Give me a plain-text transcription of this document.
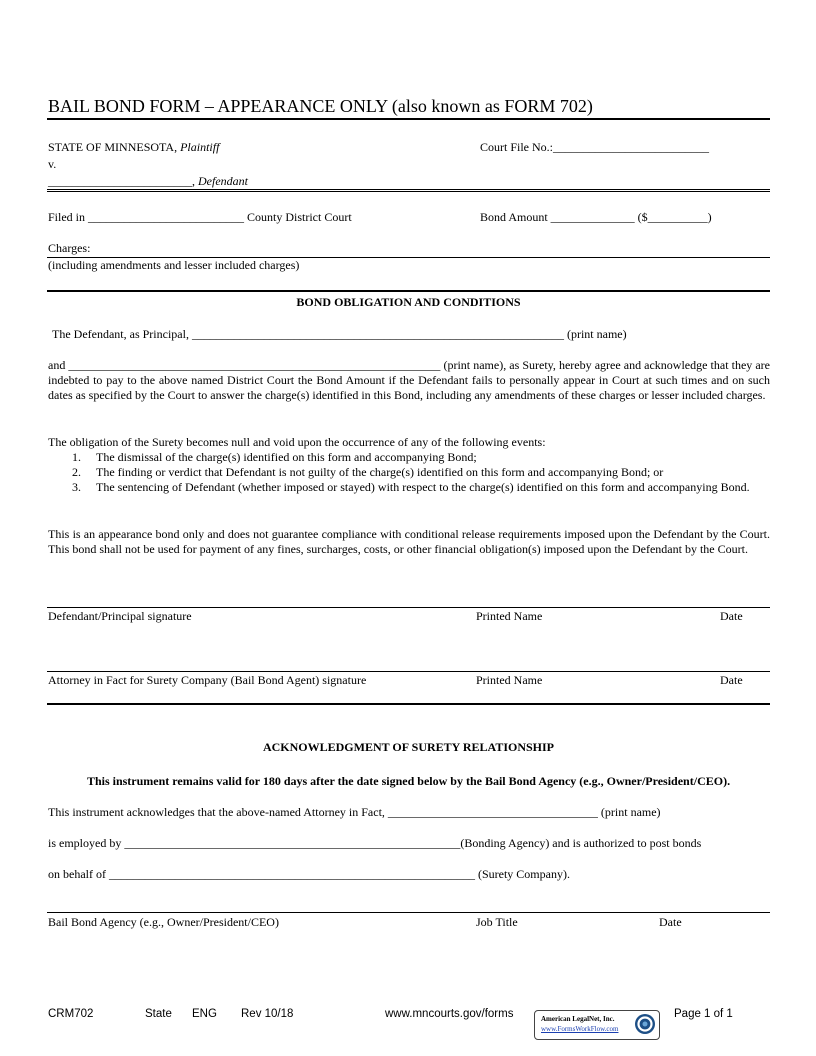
BAIL BOND FORM – APPEARANCE ONLY (also known as FORM 702)
STATE OF MINNESOTA, Plaintiff	Court File No.:__________________________
v.
________________________, Defendant
Filed in __________________________ County District Court	Bond Amount ______________ ($__________)
Charges:
(including amendments and lesser included charges)
BOND OBLIGATION AND CONDITIONS
The Defendant, as Principal, ______________________________________________________________ (print name)
and ______________________________________________________________ (print name), as Surety, hereby agree and acknowledge that they are indebted to pay to the above named District Court the Bond Amount if the Defendant fails to personally appear in Court at such times and on such dates as specified by the Court to answer the charge(s) identified in this Bond, including any amendments of these charges or lesser included charges.
The obligation of the Surety becomes null and void upon the occurrence of any of the following events:
1. The dismissal of the charge(s) identified on this form and accompanying Bond;
2. The finding or verdict that Defendant is not guilty of the charge(s) identified on this form and accompanying Bond; or
3. The sentencing of Defendant (whether imposed or stayed) with respect to the charge(s) identified on this form and accompanying Bond.
This is an appearance bond only and does not guarantee compliance with conditional release requirements imposed upon the Defendant by the Court. This bond shall not be used for payment of any fines, surcharges, costs, or other financial obligation(s) imposed upon the Defendant by the Court.
Defendant/Principal signature	Printed Name	Date
Attorney in Fact for Surety Company (Bail Bond Agent) signature	Printed Name	Date
ACKNOWLEDGMENT OF SURETY RELATIONSHIP
This instrument remains valid for 180 days after the date signed below by the Bail Bond Agency (e.g., Owner/President/CEO).
This instrument acknowledges that the above-named Attorney in Fact, ___________________________________ (print name)
is employed by ________________________________________________________(Bonding Agency) and is authorized to post bonds
on behalf of _____________________________________________________________ (Surety Company).
Bail Bond Agency (e.g., Owner/President/CEO)	Job Title	Date
CRM702	State ENG Rev 10/18	www.mncourts.gov/forms	American LegalNet, Inc.
www.FormsWorkFlow.com
Page 1 of 1
